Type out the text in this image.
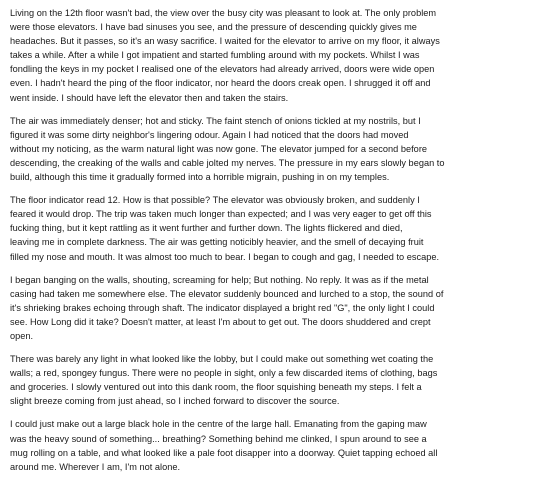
Living on the 12th floor wasn't bad, the view over the busy city was pleasant to look at. The only problem
were those elevators. I have bad sinuses you see, and the pressure of descending quickly gives me
headaches. But it passes, so it's an wasy sacrifice. I waited for the elevator to arrive on my floor, it always
takes a while. After a while I got impatient and started fumbling around with my pockets. Whilst I was
fondling the keys in my pocket I realised one of the elevators had already arrived, doors were wide open
even. I hadn't heard the ping of the floor indicator, nor heard the doors creak open. I shrugged it off and
went inside. I should have left the elevator then and taken the stairs.

The air was immediately denser; hot and sticky. The faint stench of onions tickled at my nostrils, but I
figured it was some dirty neighbor's lingering odour. Again I had noticed that the doors had moved
without my noticing, as the warm natural light was now gone. The elevator jumped for a second before
descending, the creaking of the walls and cable jolted my nerves. The pressure in my ears slowly began to
build, although this time it gradually formed into a horrible migrain, pushing in on my temples.

The floor indicator read 12. How is that possible? The elevator was obviously broken, and suddenly I
feared it would drop. The trip was taken much longer than expected; and I was very eager to get off this
fucking thing, but it kept rattling as it went further and further down. The lights flickered and died,
leaving me in complete darkness. The air was getting noticibly heavier, and the smell of decaying fruit
filled my nose and mouth. It was almost too much to bear. I began to cough and gag, I needed to escape.

I began banging on the walls, shouting, screaming for help; But nothing. No reply. It was as if the metal
casing had taken me somewhere else. The elevator suddenly bounced and lurched to a stop, the sound of
it's shrieking brakes echoing through shaft. The indicator displayed a bright red "G", the only light I could
see. How Long did it take? Doesn't matter, at least I'm about to get out. The doors shuddered and crept
open.

There was barely any light in what looked like the lobby, but I could make out something wet coating the
walls; a red, spongey fungus. There were no people in sight, only a few discarded items of clothing, bags
and groceries. I slowly ventured out into this dank room, the floor squishing beneath my steps. I felt a
slight breeze coming from just ahead, so I inched forward to discover the source.

I could just make out a large black hole in the centre of the large hall. Emanating from the gaping maw
was the heavy sound of something... breathing? Something behind me clinked, I spun around to see a
mug rolling on a table, and what looked like a pale foot disapper into a doorway. Quiet tapping echoed all
around me. Wherever I am, I'm not alone.
